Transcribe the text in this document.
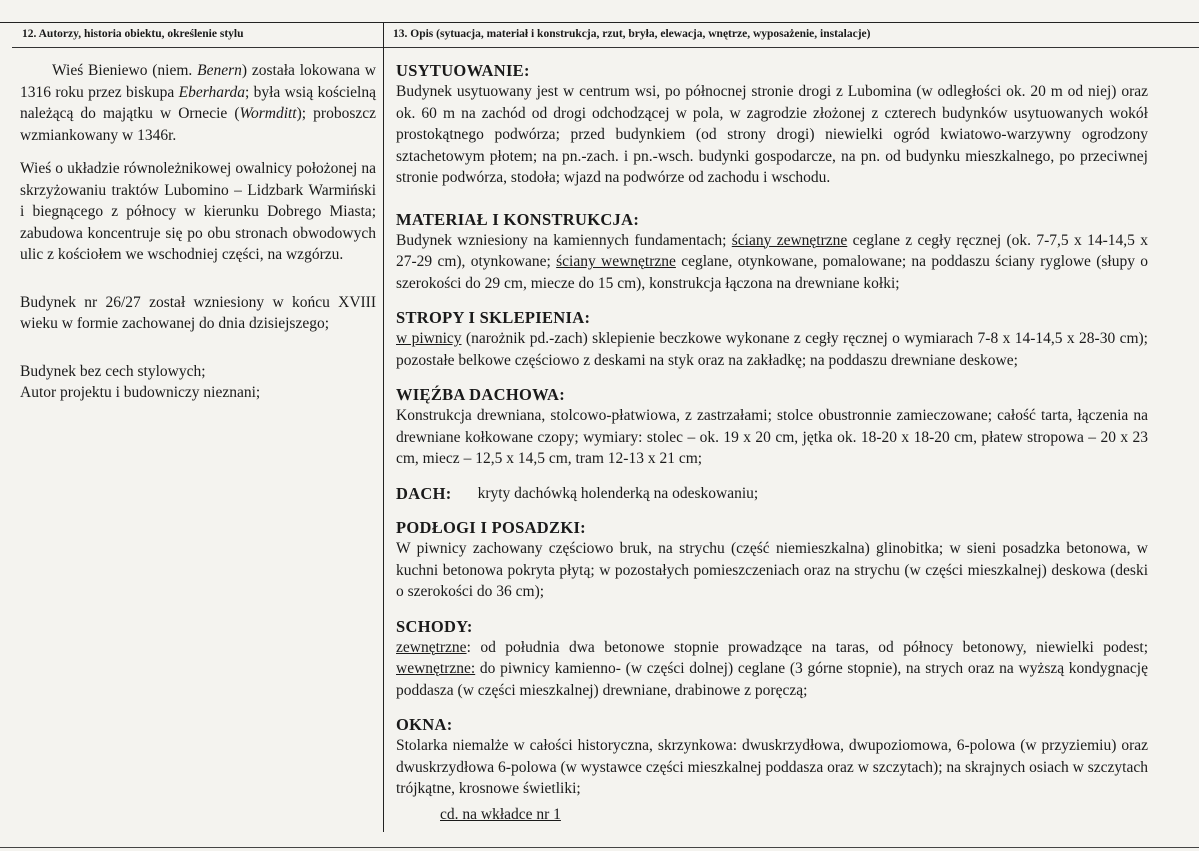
12. Autorzy, historia obiektu, określenie stylu	13. Opis (sytuacja, materiał i konstrukcja, rzut, bryła, elewacja, wnętrze, wyposażenie, instalacje)

Wieś Bieniewo (niem. Benern) została lokowana w 1316 roku przez biskupa Eberharda; była wsią kościelną należącą do majątku w Ornecie (Wormditt); proboszcz wzmiankowany w 1346r.

Wieś o układzie równoleżnikowej owalnicy położonej na skrzyżowaniu traktów Lubomino – Lidzbark Warmiński i biegnącego z północy w kierunku Dobrego Miasta; zabudowa koncentruje się po obu stronach obwodowych ulic z kościołem we wschodniej części, na wzgórzu.

Budynek nr 26/27 został wzniesiony w końcu XVIII wieku w formie zachowanej do dnia dzisiejszego;

Budynek bez cech stylowych;

Autor projektu i budowniczy nieznani;

USYTUOWANIE:

Budynek usytuowany jest w centrum wsi, po północnej stronie drogi z Lubomina (w odległości ok. 20 m od niej) oraz ok. 60 m na zachód od drogi odchodzącej w pola, w zagrodzie złożonej z czterech budynków usytuowanych wokół prostokątnego podwórza; przed budynkiem (od strony drogi) niewielki ogród kwiatowo-warzywny ogrodzony sztachetowym płotem; na pn.-zach. i pn.-wsch. budynki gospodarcze, na pn. od budynku mieszkalnego, po przeciwnej stronie podwórza, stodoła; wjazd na podwórze od zachodu i wschodu.

MATERIAŁ I KONSTRUKCJA:

Budynek wzniesiony na kamiennych fundamentach; ściany zewnętrzne ceglane z cegły ręcznej (ok. 7-7,5 x 14-14,5 x 27-29 cm), otynkowane; ściany wewnętrzne ceglane, otynkowane, pomalowane; na poddaszu ściany ryglowe (słupy o szerokości do 29 cm, miecze do 15 cm), konstrukcja łączona na drewniane kołki;

STROPY I SKLEPIENIA:

w piwnicy (narożnik pd.-zach) sklepienie beczkowe wykonane z cegły ręcznej o wymiarach 7-8 x 14-14,5 x 28-30 cm); pozostałe belkowe częściowo z deskami na styk oraz na zakładkę; na poddaszu drewniane deskowe;

WIĘŹBA DACHOWA:

Konstrukcja drewniana, stolcowo-płatwiowa, z zastrzałami; stolce obustronnie zamieczowane; całość tarta, łączenia na drewniane kołkowane czopy; wymiary: stolec – ok. 19 x 20 cm, jętka ok. 18-20 x 18-20 cm, płatew stropowa – 20 x 23 cm, miecz – 12,5 x 14,5 cm, tram 12-13 x 21 cm;

DACH: kryty dachówką holenderką na odeskowaniu;
PODŁOGI I POSADZKI:

W piwnicy zachowany częściowo bruk, na strychu (część niemieszkalna) glinobitka; w sieni posadzka betonowa, w kuchni betonowa pokryta płytą; w pozostałych pomieszczeniach oraz na strychu (w części mieszkalnej) deskowa (deski o szerokości do 36 cm);

SCHODY:

zewnętrzne: od południa dwa betonowe stopnie prowadzące na taras, od północy betonowy, niewielki podest; wewnętrzne: do piwnicy kamienno- (w części dolnej) ceglane (3 górne stopnie), na strych oraz na wyższą kondygnację poddasza (w części mieszkalnej) drewniane, drabinowe z poręczą;

OKNA:

Stolarka niemalże w całości historyczna, skrzynkowa: dwuskrzydłowa, dwupoziomowa, 6-polowa (w przyziemiu) oraz dwuskrzydłowa 6-polowa (w wystawce części mieszkalnej poddasza oraz w szczytach); na skrajnych osiach w szczytach trójkątne, krosnowe świetliki;

cd. na wkładce nr 1
